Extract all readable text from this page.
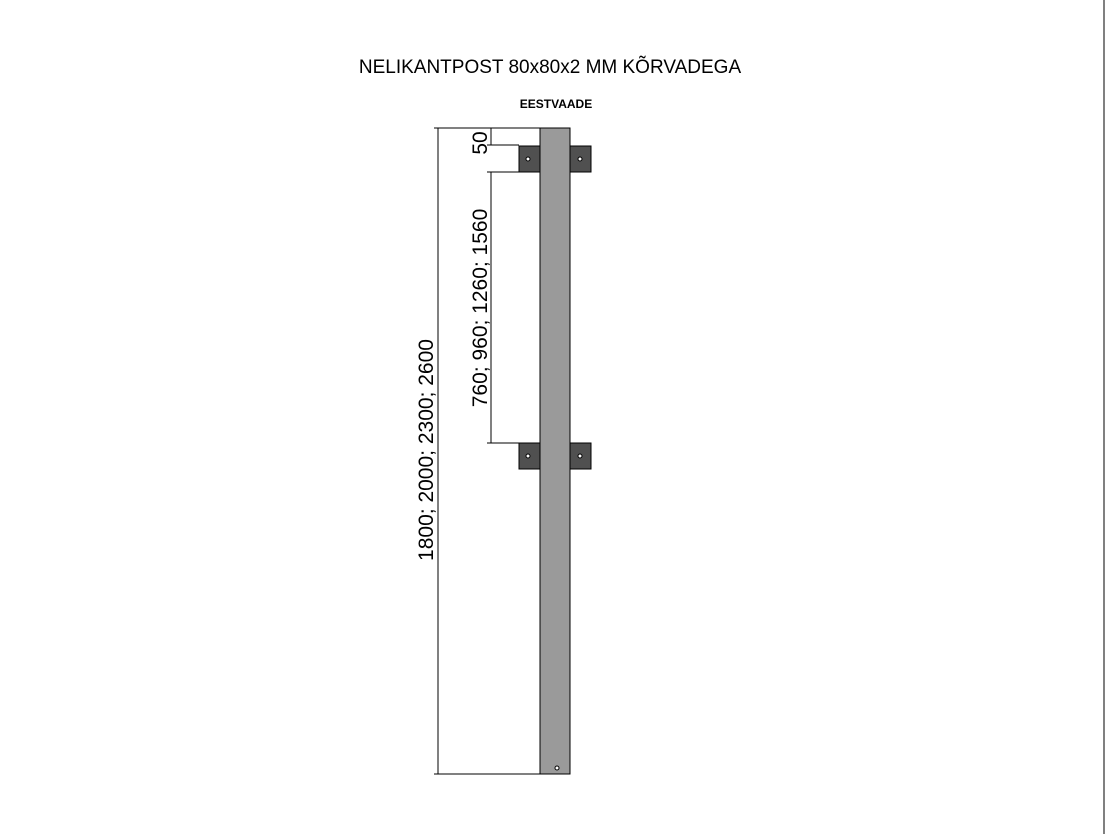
NELIKANTPOST 80x80x2 MM KÕRVADEGA
EESTVAADE
1800; 2000; 2300; 2600
50
760; 960; 1260; 1560
